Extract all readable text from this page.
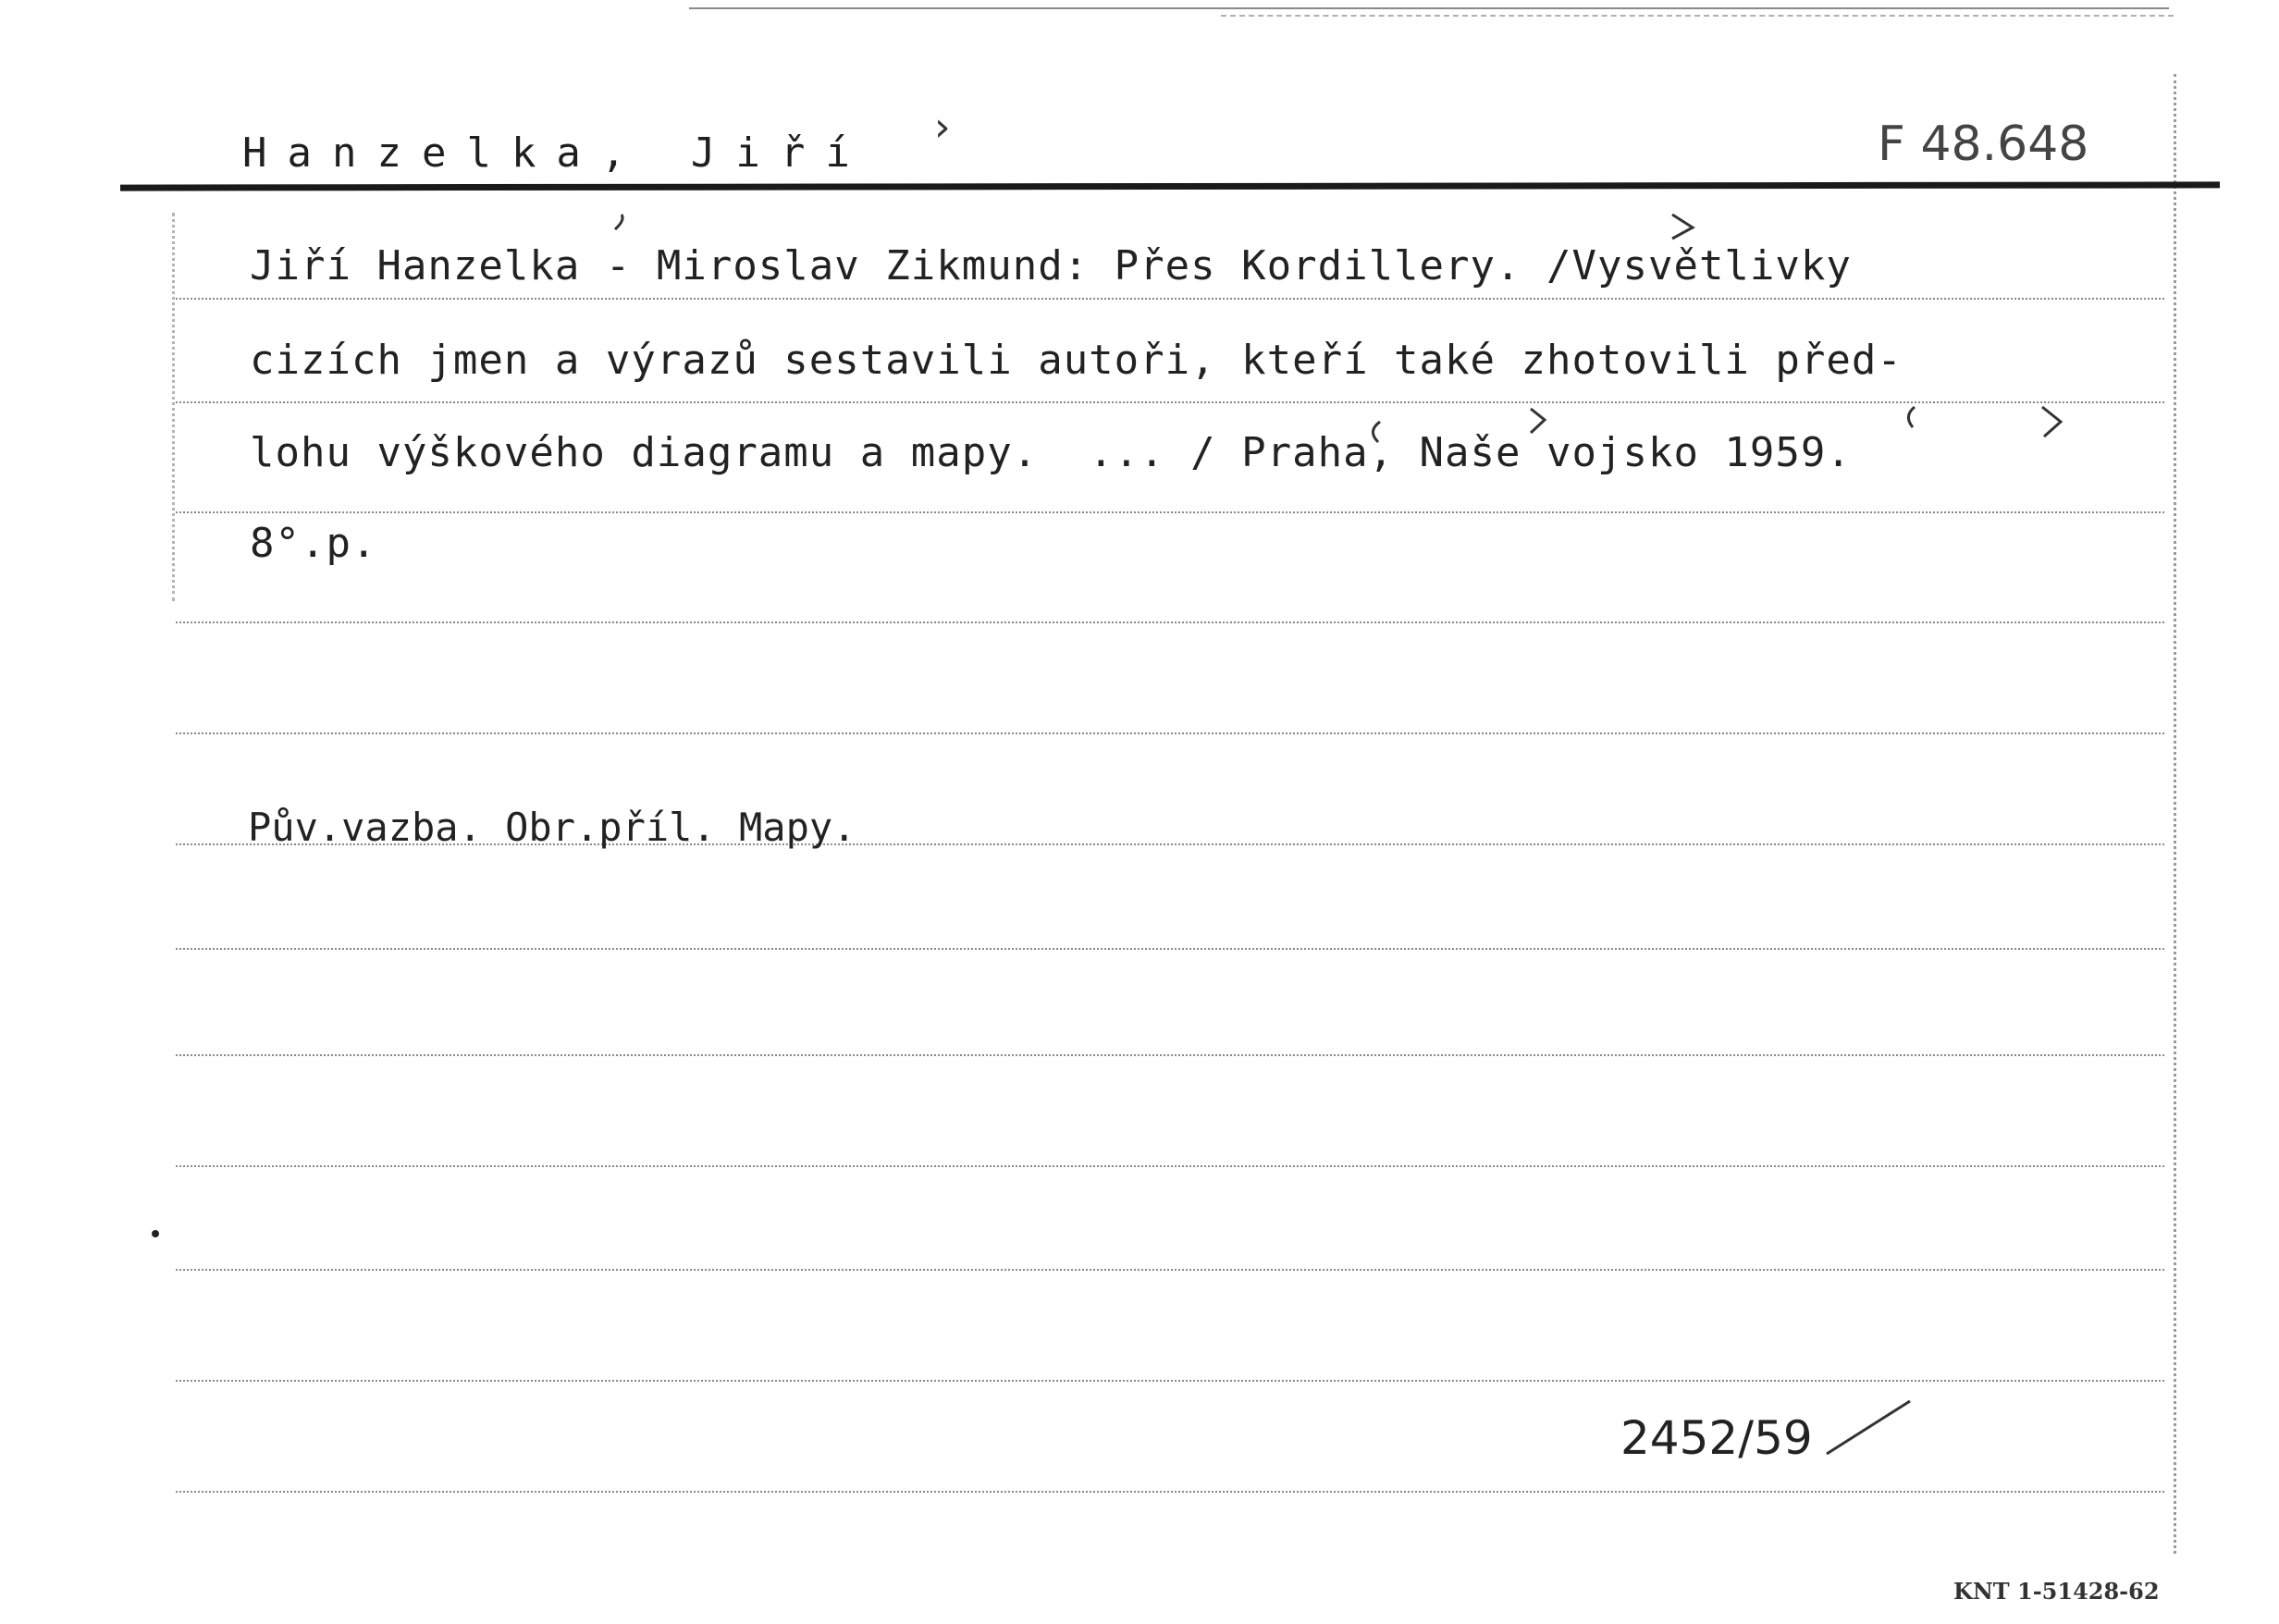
Hanzelka, Jiří
›	F 48.648
Jiří Hanzelka - Miroslav Zikmund: Přes Kordillery. /Vysvětlivky
cizích jmen a výrazů sestavili autoři, kteří také zhotovili před-
lohu výškového diagramu a mapy.  ... / Praha, Naše vojsko 1959.
8°.p.
Pův.vazba. Obr.příl. Mapy.
2452/59
KNT 1-51428-62
